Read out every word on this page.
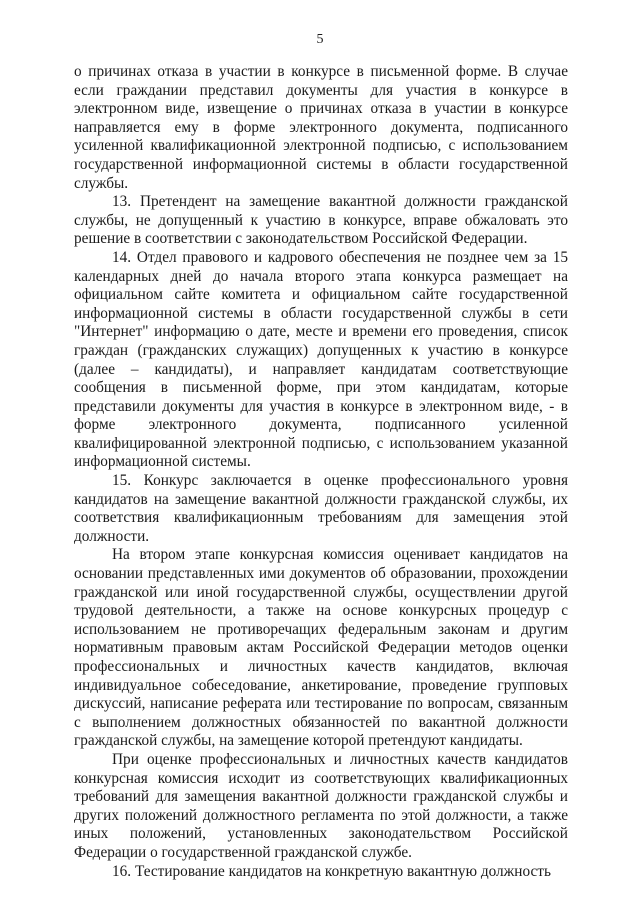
5

о причинах отказа в участии в конкурсе в письменной форме. В случае если граждании представил документы для участия в конкурсе в электронном виде, извещение о причинах отказа в участии в конкурсе направляется ему в форме электронного документа, подписанного усиленной квалификационной электронной подписью, с использованием государственной информационной системы в области государственной службы.

13. Претендент на замещение вакантной должности гражданской службы, не допущенный к участию в конкурсе, вправе обжаловать это решение в соответствии с законодательством Российской Федерации.

14. Отдел правового и кадрового обеспечения не позднее чем за 15 календарных дней до начала второго этапа конкурса размещает на официальном сайте комитета и официальном сайте государственной информационной системы в области государственной службы в сети "Интернет" информацию о дате, месте и времени его проведения, список граждан (гражданских служащих) допущенных к участию в конкурсе (далее – кандидаты), и направляет кандидатам соответствующие сообщения в письменной форме, при этом кандидатам, которые представили документы для участия в конкурсе в электронном виде, - в форме электронного документа, подписанного усиленной квалифицированной электронной подписью, с использованием указанной информационной системы.

15. Конкурс заключается в оценке профессионального уровня кандидатов на замещение вакантной должности гражданской службы, их соответствия квалификационным требованиям для замещения этой должности.

На втором этапе конкурсная комиссия оценивает кандидатов на основании представленных ими документов об образовании, прохождении гражданской или иной государственной службы, осуществлении другой трудовой деятельности, а также на основе конкурсных процедур с использованием не противоречащих федеральным законам и другим нормативным правовым актам Российской Федерации методов оценки профессиональных и личностных качеств кандидатов, включая индивидуальное собеседование, анкетирование, проведение групповых дискуссий, написание реферата или тестирование по вопросам, связанным с выполнением должностных обязанностей по вакантной должности гражданской службы, на замещение которой претендуют кандидаты.

При оценке профессиональных и личностных качеств кандидатов конкурсная комиссия исходит из соответствующих квалификационных требований для замещения вакантной должности гражданской службы и других положений должностного регламента по этой должности, а также иных положений, установленных законодательством Российской Федерации о государственной гражданской службе.

16. Тестирование кандидатов на конкретную вакантную должность
